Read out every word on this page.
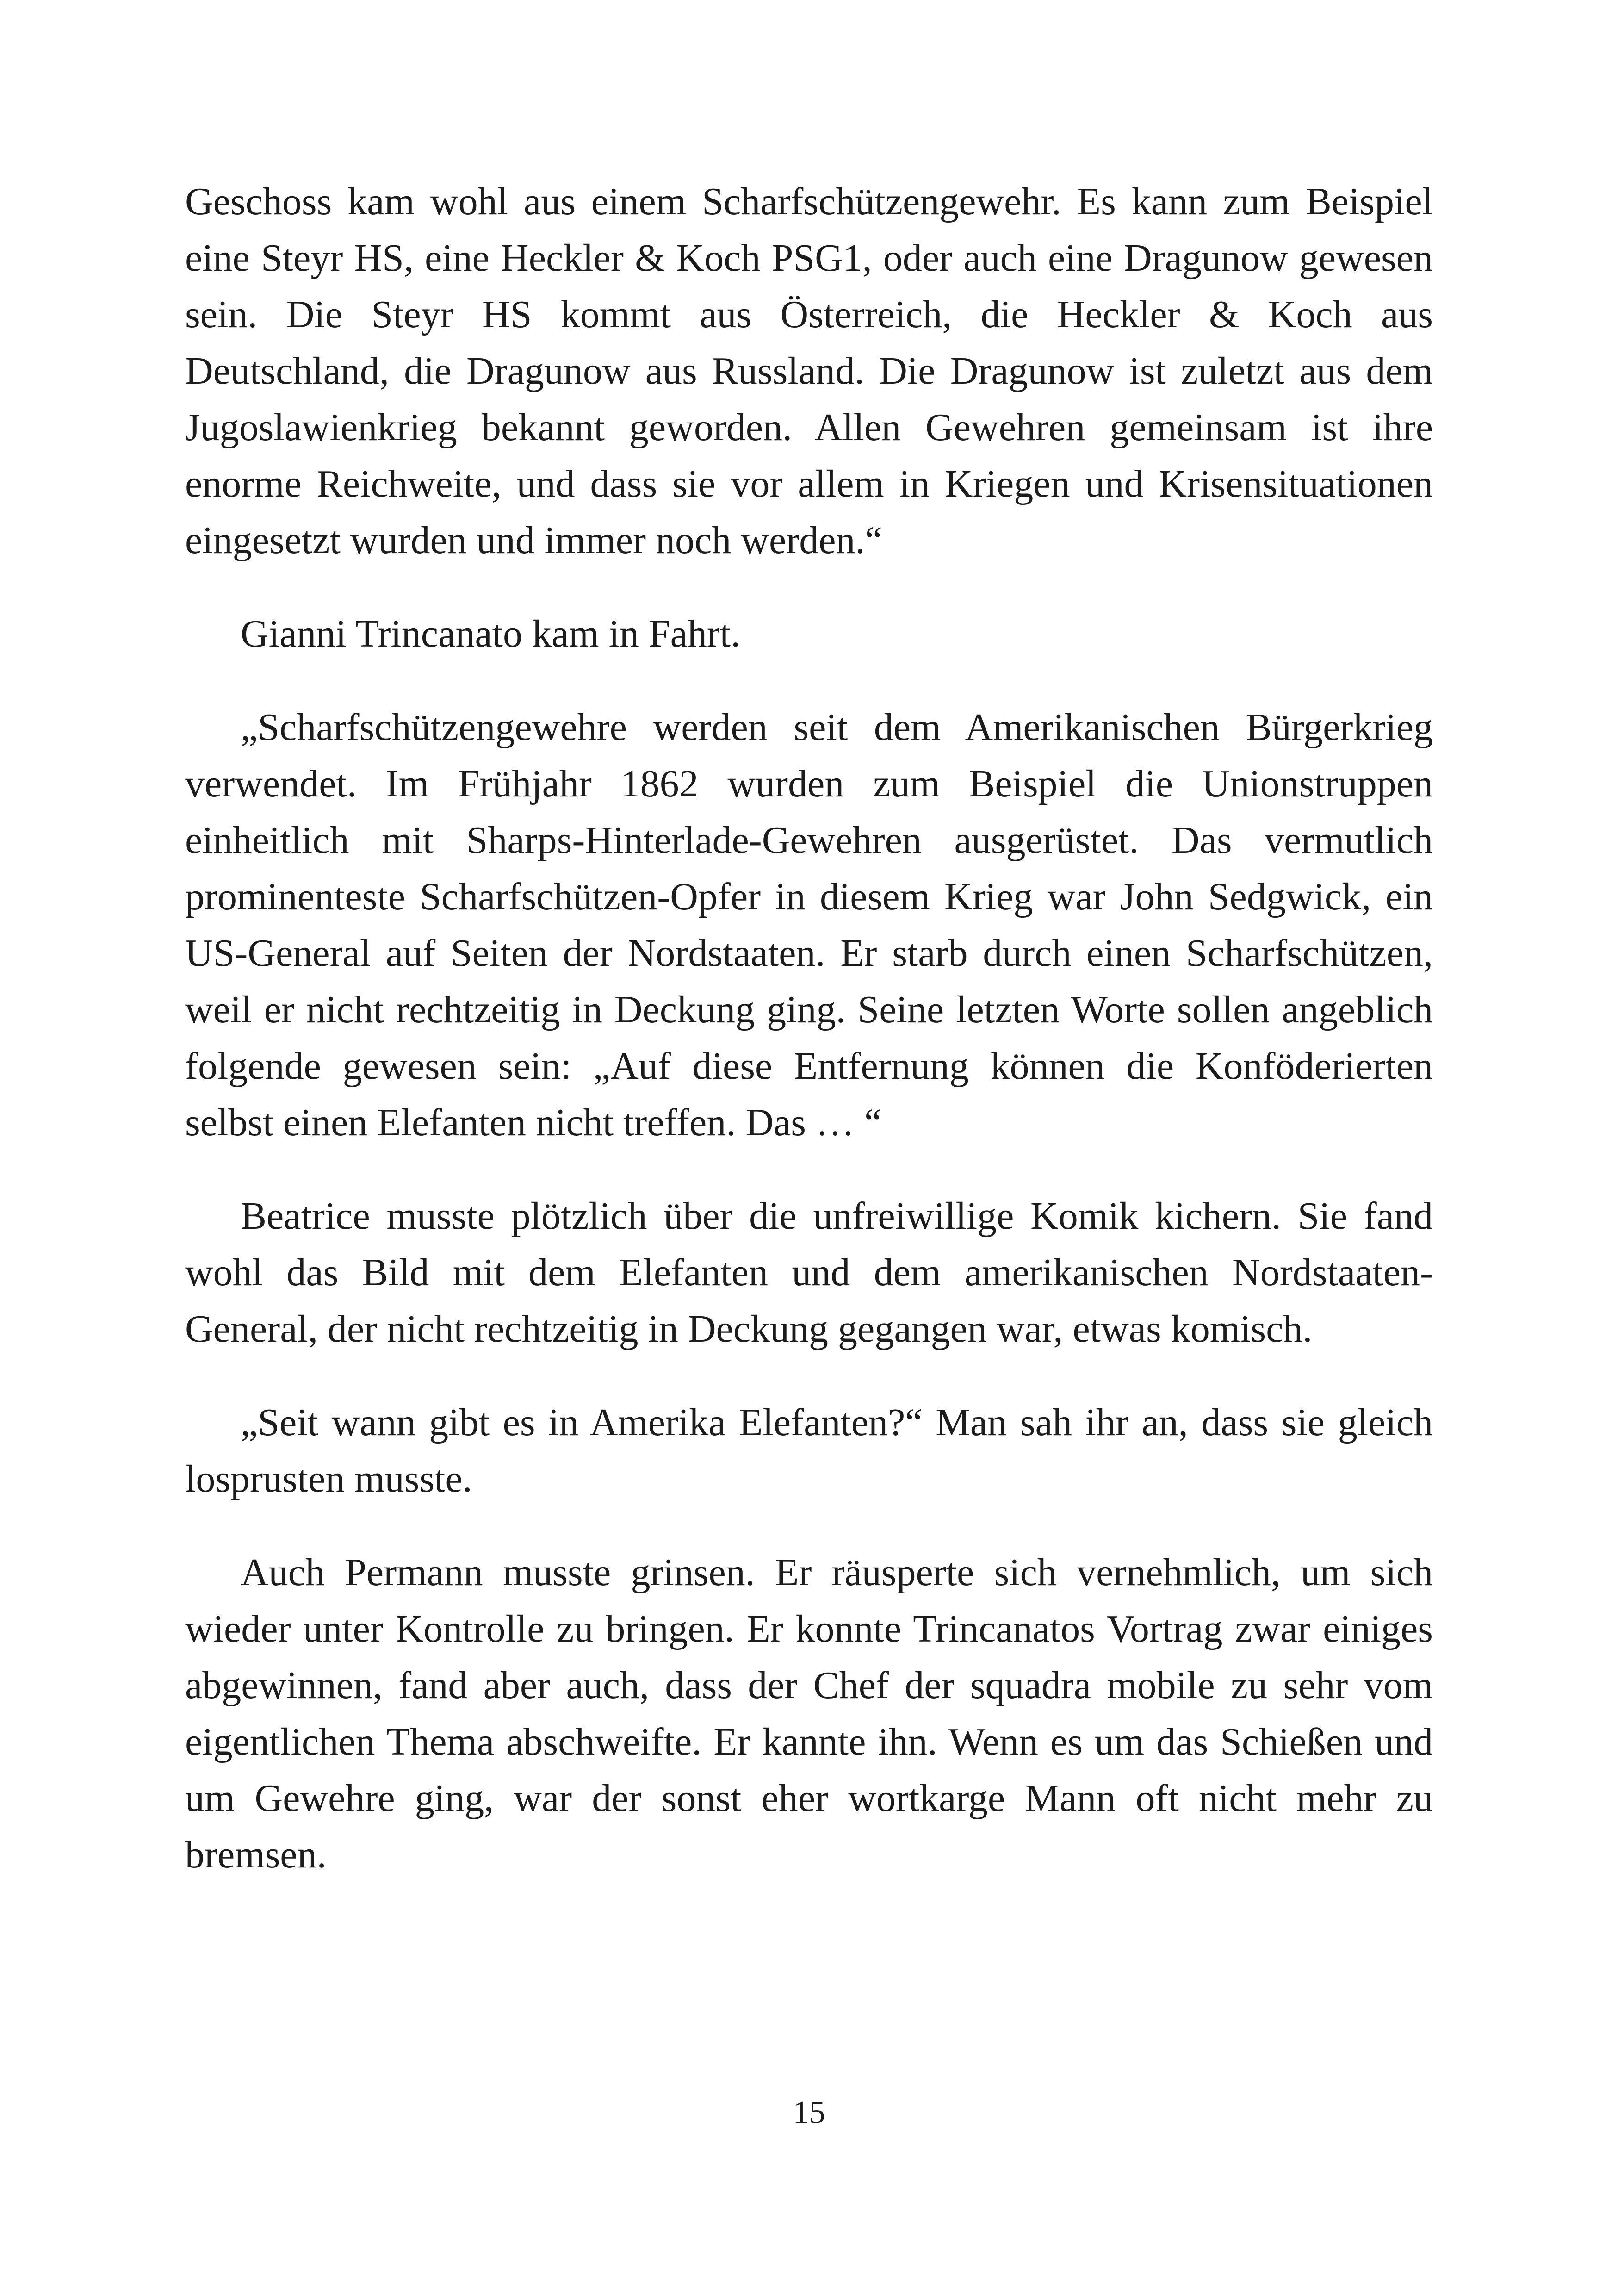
Geschoss kam wohl aus einem Scharfschützengewehr. Es kann zum Beispiel eine Steyr HS, eine Heckler & Koch PSG1, oder auch eine Dragunow gewesen sein. Die Steyr HS kommt aus Österreich, die Heckler & Koch aus Deutschland, die Dragunow aus Russland. Die Dragunow ist zuletzt aus dem Jugoslawienkrieg bekannt geworden. Allen Gewehren gemeinsam ist ihre enorme Reichweite, und dass sie vor allem in Kriegen und Krisensituationen eingesetzt wurden und immer noch werden.“

Gianni Trincanato kam in Fahrt.

„Scharfschützengewehre werden seit dem Amerikanischen Bürgerkrieg verwendet. Im Frühjahr 1862 wurden zum Beispiel die Unionstruppen einheitlich mit Sharps-Hinterlade-Gewehren ausgerüstet. Das vermutlich prominenteste Scharfschützen-Opfer in diesem Krieg war John Sedgwick, ein US-General auf Seiten der Nordstaaten. Er starb durch einen Scharfschützen, weil er nicht rechtzeitig in Deckung ging. Seine letzten Worte sollen angeblich folgende gewesen sein: „Auf diese Entfernung können die Konföderierten selbst einen Elefanten nicht treffen. Das … “

Beatrice musste plötzlich über die unfreiwillige Komik kichern. Sie fand wohl das Bild mit dem Elefanten und dem amerikanischen Nordstaaten-General, der nicht rechtzeitig in Deckung gegangen war, etwas komisch.

„Seit wann gibt es in Amerika Elefanten?“ Man sah ihr an, dass sie gleich losprusten musste.

Auch Permann musste grinsen. Er räusperte sich vernehmlich, um sich wieder unter Kontrolle zu bringen. Er konnte Trincanatos Vortrag zwar einiges abgewinnen, fand aber auch, dass der Chef der squadra mobile zu sehr vom eigentlichen Thema abschweifte. Er kannte ihn. Wenn es um das Schießen und um Gewehre ging, war der sonst eher wortkarge Mann oft nicht mehr zu bremsen.

15
